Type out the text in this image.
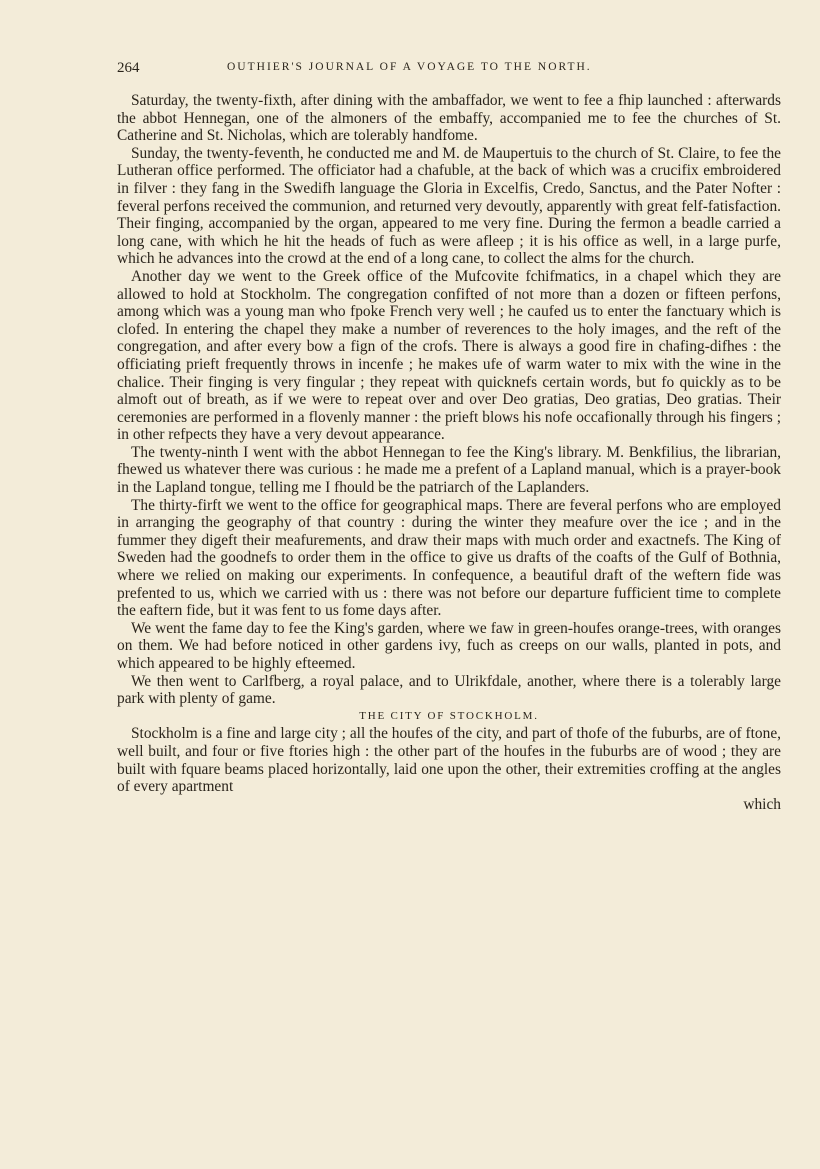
264	OUTHIER'S JOURNAL OF A VOYAGE TO THE NORTH.

Saturday, the twenty-fixth, after dining with the ambaffador, we went to fee a fhip launched : afterwards the abbot Hennegan, one of the almoners of the embaffy, accompanied me to fee the churches of St. Catherine and St. Nicholas, which are tolerably handfome.

Sunday, the twenty-feventh, he conducted me and M. de Maupertuis to the church of St. Claire, to fee the Lutheran office performed. The officiator had a chafuble, at the back of which was a crucifix embroidered in filver : they fang in the Swedifh language the Gloria in Excelfis, Credo, Sanctus, and the Pater Nofter : feveral perfons received the communion, and returned very devoutly, apparently with great felf-fatisfaction. Their finging, accompanied by the organ, appeared to me very fine. During the fermon a beadle carried a long cane, with which he hit the heads of fuch as were afleep ; it is his office as well, in a large purfe, which he advances into the crowd at the end of a long cane, to collect the alms for the church.

Another day we went to the Greek office of the Mufcovite fchifmatics, in a chapel which they are allowed to hold at Stockholm. The congregation confifted of not more than a dozen or fifteen perfons, among which was a young man who fpoke French very well ; he caufed us to enter the fanctuary which is clofed. In entering the chapel they make a number of reverences to the holy images, and the reft of the congregation, and after every bow a fign of the crofs. There is always a good fire in chafing-difhes : the officiating prieft frequently throws in incenfe ; he makes ufe of warm water to mix with the wine in the chalice. Their finging is very fingular ; they repeat with quicknefs certain words, but fo quickly as to be almoft out of breath, as if we were to repeat over and over Deo gratias, Deo gratias, Deo gratias. Their ceremonies are performed in a flovenly manner : the prieft blows his nofe occafionally through his fingers ; in other refpects they have a very devout appearance.

The twenty-ninth I went with the abbot Hennegan to fee the King's library. M. Benkfilius, the librarian, fhewed us whatever there was curious : he made me a prefent of a Lapland manual, which is a prayer-book in the Lapland tongue, telling me I fhould be the patriarch of the Laplanders.

The thirty-firft we went to the office for geographical maps. There are feveral perfons who are employed in arranging the geography of that country : during the winter they meafure over the ice ; and in the fummer they digeft their meafurements, and draw their maps with much order and exactnefs. The King of Sweden had the goodnefs to order them in the office to give us drafts of the coafts of the Gulf of Bothnia, where we relied on making our experiments. In confequence, a beautiful draft of the weftern fide was prefented to us, which we carried with us : there was not before our departure fufficient time to complete the eaftern fide, but it was fent to us fome days after.

We went the fame day to fee the King's garden, where we faw in green-houfes orange-trees, with oranges on them. We had before noticed in other gardens ivy, fuch as creeps on our walls, planted in pots, and which appeared to be highly efteemed.

We then went to Carlfberg, a royal palace, and to Ulrikfdale, another, where there is a tolerably large park with plenty of game.

THE CITY OF STOCKHOLM.

Stockholm is a fine and large city ; all the houfes of the city, and part of thofe of the fuburbs, are of ftone, well built, and four or five ftories high : the other part of the houfes in the fuburbs are of wood ; they are built with fquare beams placed horizontally, laid one upon the other, their extremities croffing at the angles of every apartment

which
